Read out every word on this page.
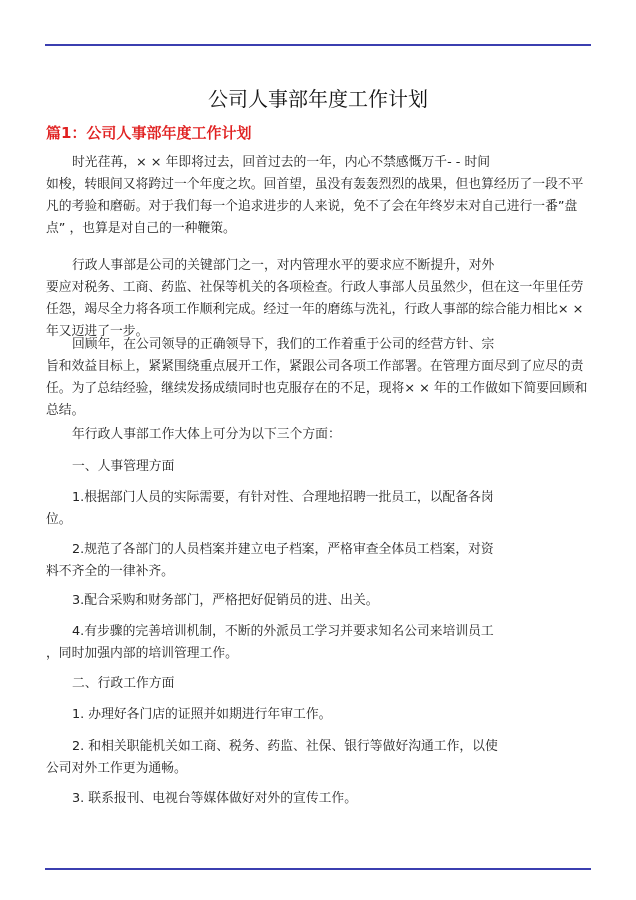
公司人事部年度工作计划
篇1：公司人事部年度工作计划
时光荏苒，× × 年即将过去，回首过去的一年，内心不禁感慨万千- - 时间
如梭，转眼间又将跨过一个年度之坎。回首望，虽没有轰轰烈烈的战果，但也算经历了一段不平
凡的考验和磨砺。对于我们每一个追求进步的人来说，免不了会在年终岁末对自己进行一番”盘
点” ，也算是对自己的一种鞭策。
行政人事部是公司的关键部门之一，对内管理水平的要求应不断提升，对外
要应对税务、工商、药监、社保等机关的各项检查。行政人事部人员虽然少，但在这一年里任劳
任怨，竭尽全力将各项工作顺利完成。经过一年的磨练与洗礼，行政人事部的综合能力相比× ×
年又迈进了一步。
回顾年，在公司领导的正确领导下，我们的工作着重于公司的经营方针、宗
旨和效益目标上，紧紧围绕重点展开工作，紧跟公司各项工作部署。在管理方面尽到了应尽的责
任。为了总结经验，继续发扬成绩同时也克服存在的不足，现将× × 年的工作做如下简要回顾和
总结。
年行政人事部工作大体上可分为以下三个方面：
一、人事管理方面
1.根据部门人员的实际需要，有针对性、合理地招聘一批员工，以配备各岗
位。
2.规范了各部门的人员档案并建立电子档案，严格审查全体员工档案，对资
料不齐全的一律补齐。
3.配合采购和财务部门，严格把好促销员的进、出关。
4.有步骤的完善培训机制，不断的外派员工学习并要求知名公司来培训员工
，同时加强内部的培训管理工作。
二、行政工作方面
1. 办理好各门店的证照并如期进行年审工作。
2. 和相关职能机关如工商、税务、药监、社保、银行等做好沟通工作，以使
公司对外工作更为通畅。
3. 联系报刊、电视台等媒体做好对外的宣传工作。
